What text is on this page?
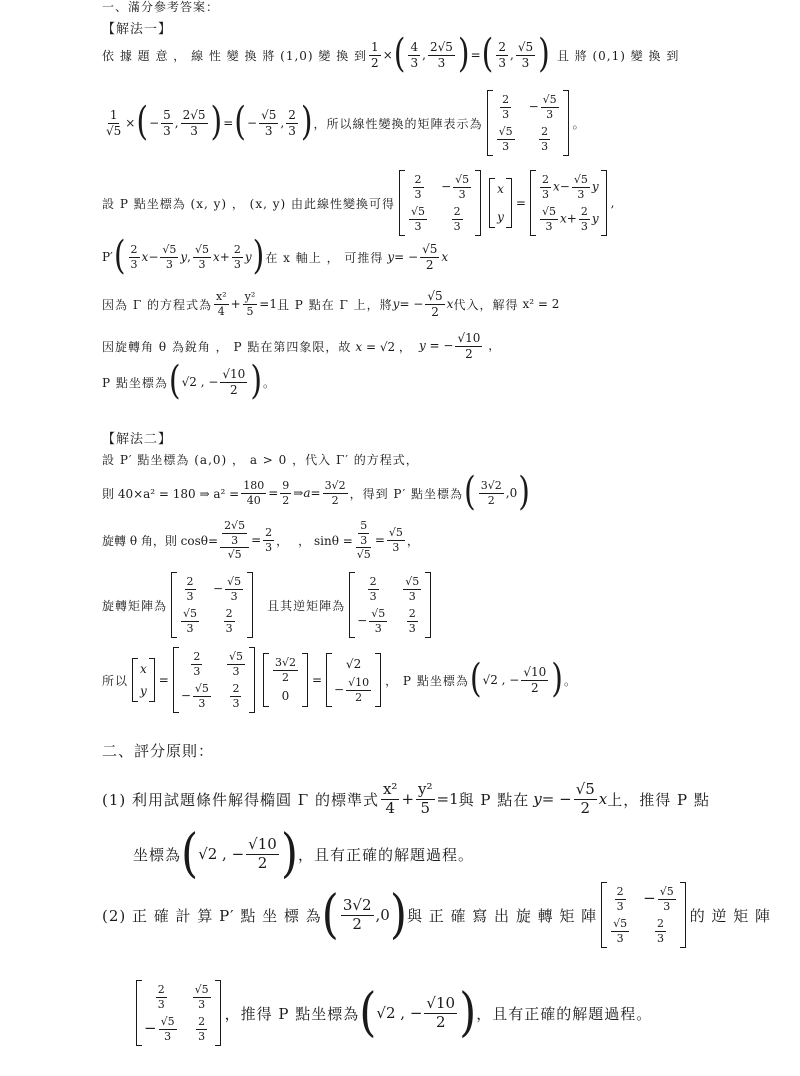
一、滿分參考答案：
【解法一】
依 據 題 意 ， 線 性 變 換 將 (1,0) 變 換 到 $\frac{1}{2}$ × ( $\frac{4}{3}$ , $\frac{2√5}{3}$ ) = ( $\frac{2}{3}$ , $\frac{√5}{3}$ ) 且 將 (0,1) 變 換 到
$\frac{1}{√5}$ × ( − $\frac{5}{3}$ , $\frac{2√5}{3}$ ) = ( − $\frac{√5}{3}$ , $\frac{2}{3}$ ) ，所以線性變換的矩陣表示為
$\frac{2}{3} - \frac{√5}{3}$
$\frac{√5}{3} \frac{2}{3}$
。
設 P 點坐標為 (x, y) ， (x, y) 由此線性變換可得
$\frac{2}{3} - \frac{√5}{3}$
$\frac{√5}{3} \frac{2}{3}$
x
y
=
$\frac{2}{3} x- \frac{√5}{3}$ y
$\frac{√5}{3} x+ \frac{2}{3}$ y
,
P′ ( $\frac{2}{3}$ $x - \frac{√5}{3}$ y , $\frac{√5}{3}$ $x + \frac{2}{3}$ y ) 在 x 軸上 ， 可推得 y = − $\frac{√5}{2}$ x
因為 Γ 的方程式為 $\frac{\text{x²}}{4} + \frac{\text{y²}}{5} =1$ 且 P 點在 Γ 上，將 y = − $\frac{√5}{2}$ x 代入，解得 x² = 2
因旋轉角 θ 為銳角 ， P 點在第四象限，故 x = √2 ， y = − $\frac{√10}{2}$ ，
P 點坐標為 ( √2 , − $\frac{√10}{2}$ ) 。
【解法二】
設 P′ 點坐標為 (a,0) ， a > 0 ，代入 Γ′ 的方程式，
則 40×a² = 180 ⇒ $a^2 = \frac{180}{40} = \frac{9}{2}$ ⇒ $a = \frac{3√2}{2}$ ，得到 P′ 點坐標為 ( $\frac{3√2}{2} ,0$ )
旋轉 θ 角，則 $\cos\theta= \frac{\frac{2√5}{3}}{√5} = \frac{2}{3}$ ， ， $\sin\theta = \frac{\frac{5}{3}}{√5} = \frac{√5}{3}$ ，
旋轉矩陣為
$\frac{2}{3} - \frac{√5}{3}$
$\frac{√5}{3} \frac{2}{3}$
且其逆矩陣為
$\frac{2}{3} \frac{√5}{3}$
− $\frac{√5}{3} \frac{2}{3}$
所以
x
y
=
$\frac{2}{3} \frac{√5}{3}$
− $\frac{√5}{3} \frac{2}{3}$
$\frac{3√2}{2}$
0
=
√2
− $\frac{√10}{2}$ ， P 點坐標為 ( √2 , − $\frac{√10}{2}$ ) 。
二、評分原則：
(1) 利用試題條件解得橢圓 Γ 的標準式 $\frac{\text{x²}}{4} + \frac{\text{y²}}{5} =1$ 與 P 點在 y = − $\frac{√5}{2}$ x 上，推得 P 點
坐標為 ( √2 , − $\frac{√10}{2}$ ) ，且有正確的解題過程。
(2) 正 確 計 算 P′ 點 坐 標 為 ( $\frac{3√2}{2} ,0$ ) 與 正 確 寫 出 旋 轉 矩 陣
$\frac{2}{3} - \frac{√5}{3}$
$\frac{√5}{3} \frac{2}{3}$
的 逆 矩 陣
$\frac{2}{3} \frac{√5}{3}$
− $\frac{√5}{3} \frac{2}{3}$
，推得 P 點坐標為 ( √2 , − $\frac{√10}{2}$ ) ，且有正確的解題過程。
